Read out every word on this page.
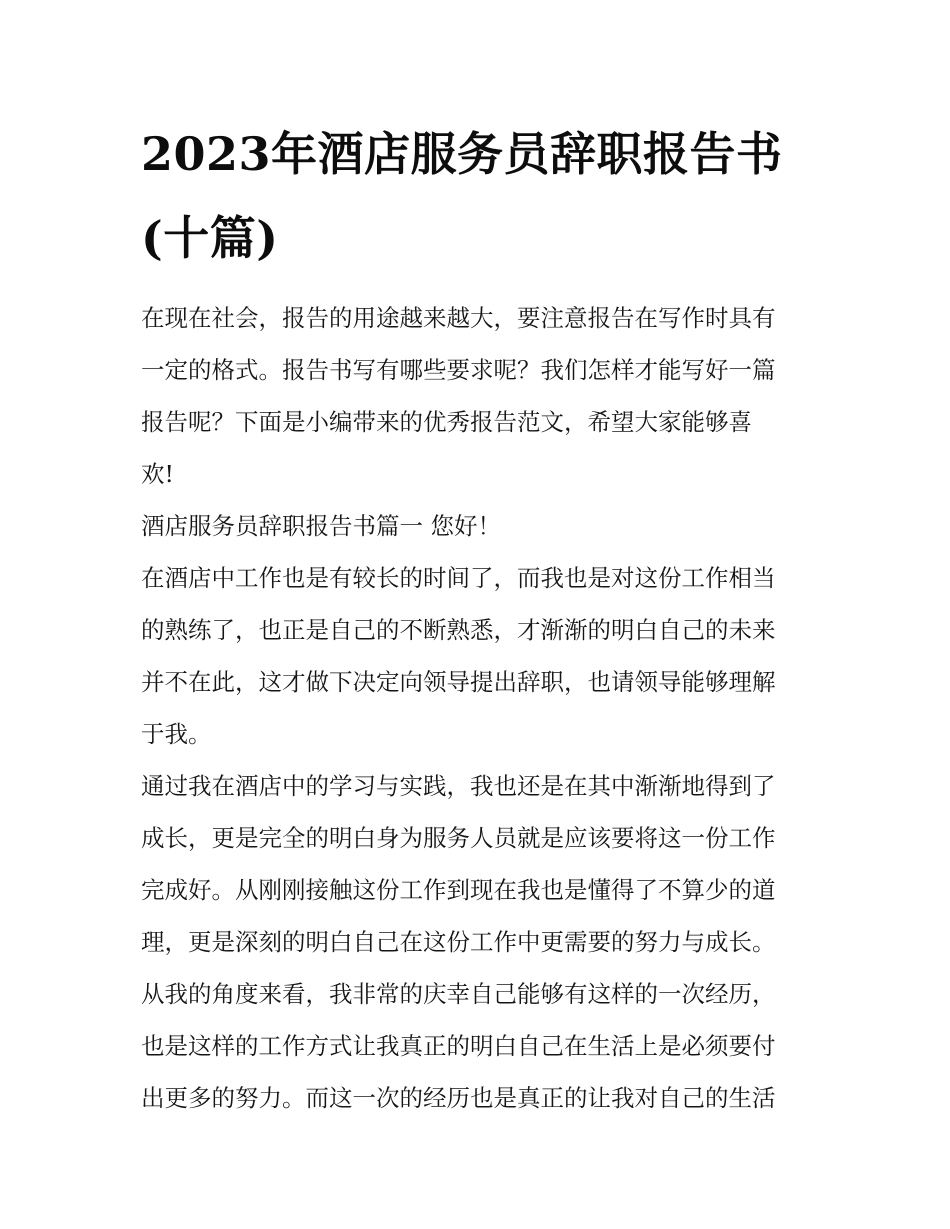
2023年酒店服务员辞职报告书
(十篇)

在现在社会，报告的用途越来越大，要注意报告在写作时具有
一定的格式。报告书写有哪些要求呢？我们怎样才能写好一篇
报告呢？下面是小编带来的优秀报告范文，希望大家能够喜
欢!

酒店服务员辞职报告书篇一 您好！

在酒店中工作也是有较长的时间了，而我也是对这份工作相当
的熟练了，也正是自己的不断熟悉，才渐渐的明白自己的未来
并不在此，这才做下决定向领导提出辞职，也请领导能够理解
于我。

通过我在酒店中的学习与实践，我也还是在其中渐渐地得到了
成长，更是完全的明白身为服务人员就是应该要将这一份工作
完成好。从刚刚接触这份工作到现在我也是懂得了不算少的道
理，更是深刻的明白自己在这份工作中更需要的努力与成长。
从我的角度来看，我非常的庆幸自己能够有这样的一次经历，
也是这样的工作方式让我真正的明白自己在生活上是必须要付
出更多的努力。而这一次的经历也是真正的让我对自己的生活
